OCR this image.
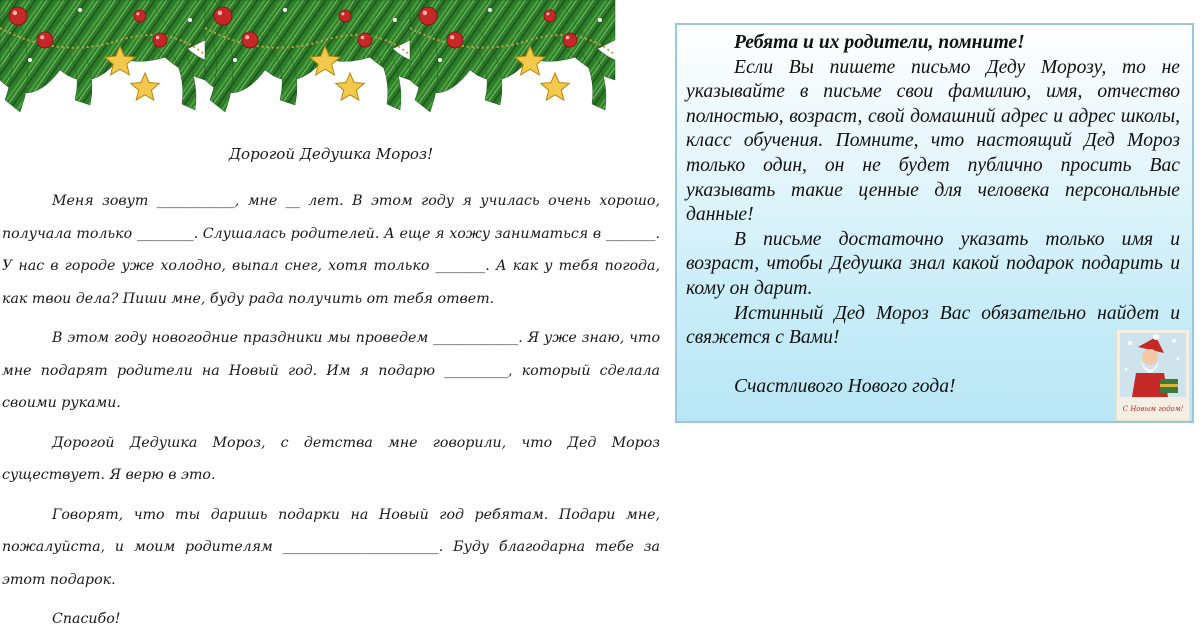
Дорогой Дедушка Мороз!

Меня зовут ___________, мне __ лет. В этом году я училась очень хорошо, получала только ________. Слушалась родителей. А еще я хожу заниматься в _______. У нас в городе уже холодно, выпал снег, хотя только _______. А как у тебя погода, как твои дела? Пиши мне, буду рада получить от тебя ответ.

В этом году новогодние праздники мы проведем ____________. Я уже знаю, что мне подарят родители на Новый год. Им я подарю _________, который сделала своими руками.

Дорогой Дедушка Мороз, с детства мне говорили, что Дед Мороз существует. Я верю в это.

Говорят, что ты даришь подарки на Новый год ребятам. Подари мне, пожалуйста, и моим родителям ______________________. Буду благодарна тебе за этот подарок.

Спасибо!

Ребята и их родители, помните!

Если Вы пишете письмо Деду Морозу, то не указывайте в письме свои фамилию, имя, отчество полностью, возраст, свой домашний адрес и адрес школы, класс обучения. Помните, что настоящий Дед Мороз только один, он не будет публично просить Вас указывать такие ценные для человека персональные данные!

В письме достаточно указать только имя и возраст, чтобы Дедушка знал какой подарок подарить и кому он дарит.

Истинный Дед Мороз Вас обязательно найдет и свяжется с Вами!

Счастливого Нового года!

С Новым годом!
